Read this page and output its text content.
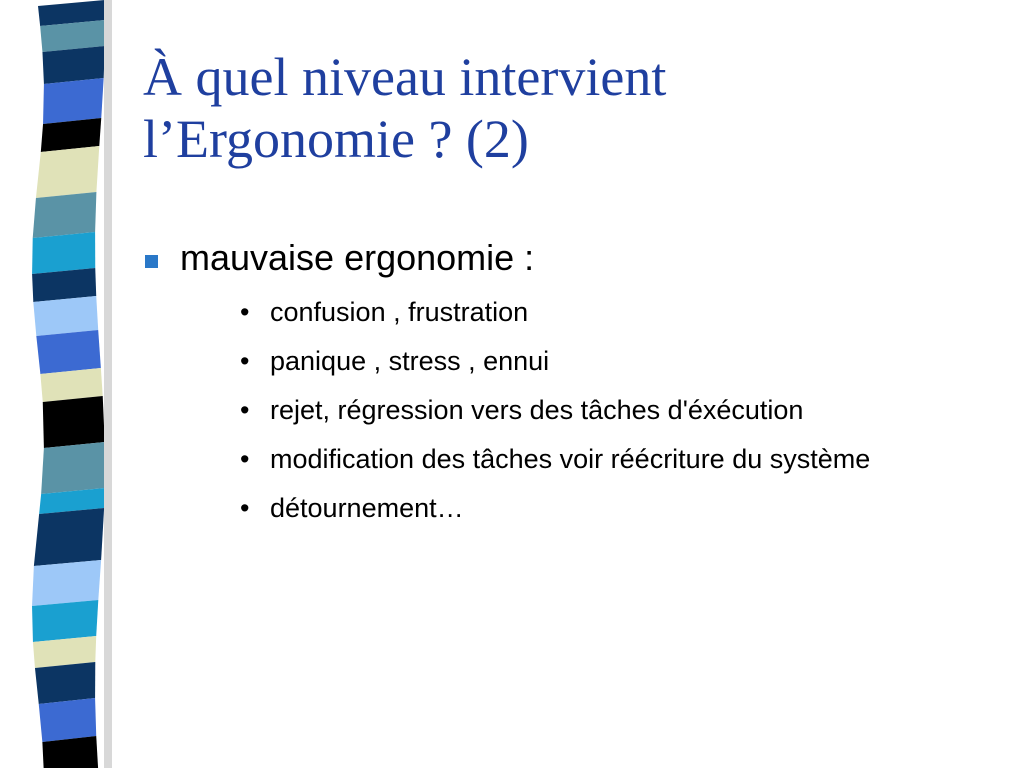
À quel niveau intervient
l’Ergonomie ? (2)
mauvaise ergonomie :
• confusion , frustration
• panique , stress , ennui
• rejet, régression vers des tâches d'éxécution
• modification des tâches voir réécriture du système
• détournement…
